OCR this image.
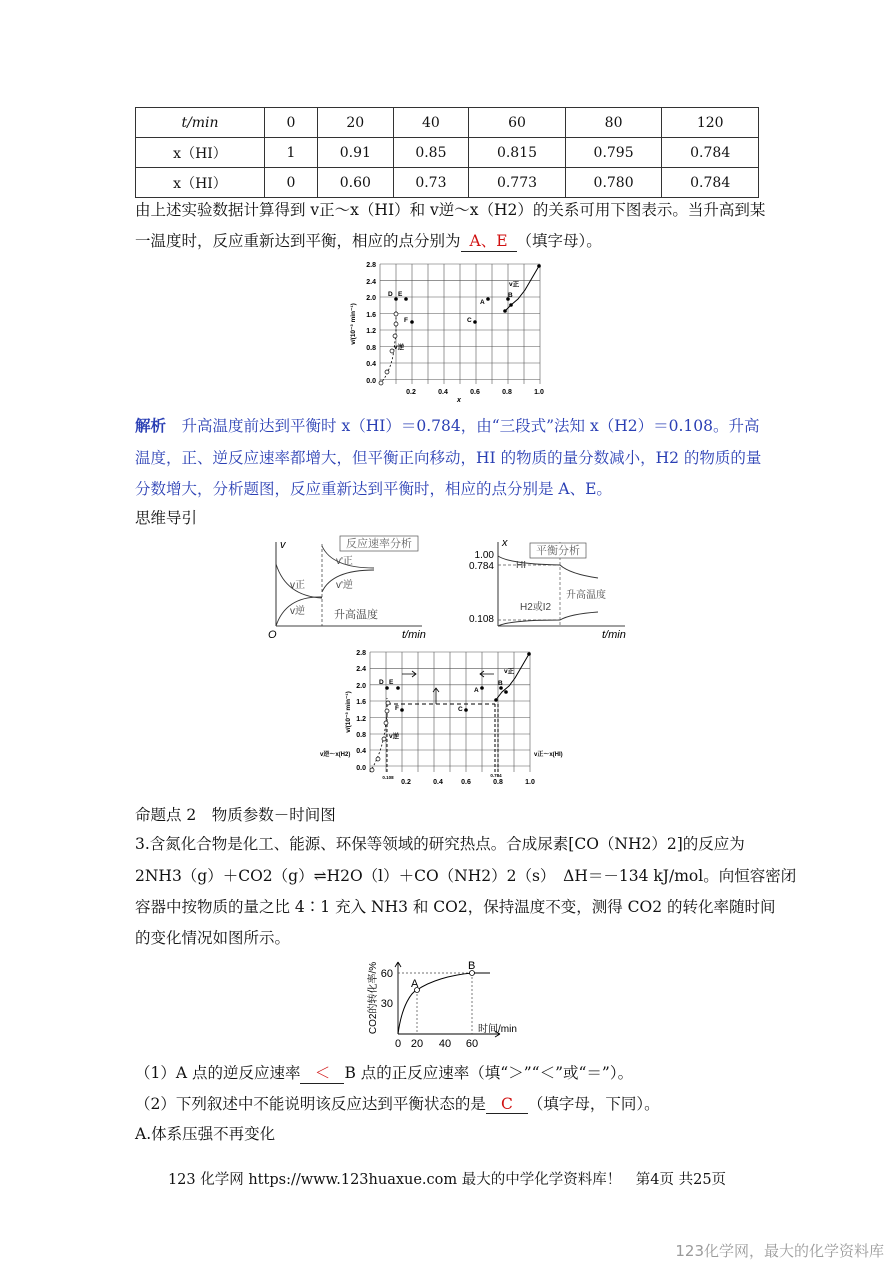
t/min	0	20	40	60	80	120
x（HI）	1	0.91	0.85	0.815	0.795	0.784
x（HI）	0	0.60	0.73	0.773	0.780	0.784
由上述实验数据计算得到 v正～x（HI）和 v逆～x（H2）的关系可用下图表示。当升高到某
一温度时，反应重新达到平衡，相应的点分别为 A、E （填字母）。
2.8
2.4
2.0
1.6
1.2
0.8
0.4
0.0
0.2	0.4	0.6	0.8	1.0
x
v/(10⁻³ min⁻¹)
D E
F
A
B
C
v正
v逆
解析　 升高温度前达到平衡时 x（HI）＝0.784，由“三段式”法知 x（H2）＝0.108。升高
温度，正、逆反应速率都增大，但平衡正向移动，HI 的物质的量分数减小，H2 的物质的量
分数增大，分析题图，反应重新达到平衡时，相应的点分别是 A、E。
思维导引
反应速率分析
v
O	t/min
v正
v逆
v'正
v'逆
升高温度
平衡分析
x
1.00
0.784
0.108
t/min
HI
H2或I2
升高温度
2.8
2.4
2.0
1.6
1.2
0.8
0.4
0.0
0.2	0.4	0.6	0.8	1.0
0.108	0.784
v/(10⁻³ min⁻¹)
D E
F
A
B
C
v正
v逆
v逆～x(H2)	v正～x(HI)
命题点 2　物质参数－时间图
3.含氮化合物是化工、能源、环保等领域的研究热点。合成尿素[CO（NH2）2]的反应为
2NH3（g）＋CO2（g）⇌H2O（l）＋CO（NH2）2（s）　ΔH＝－134 kJ/mol。向恒容密闭
容器中按物质的量之比 4∶1 充入 NH3 和 CO2，保持温度不变，测得 CO2 的转化率随时间
的变化情况如图所示。
A
B
60
30
0 20 40 60
时间/min
CO2的转化率/%
（1）A 点的逆反应速率 ＜ B 点的正反应速率（填“＞”“＜”或“＝”）。
（2）下列叙述中不能说明该反应达到平衡状态的是 C （填字母，下同）。
A.体系压强不再变化
123 化学网 https://www.123huaxue.com 最大的中学化学资料库！　第4页 共25页
123化学网，最大的化学资料库
